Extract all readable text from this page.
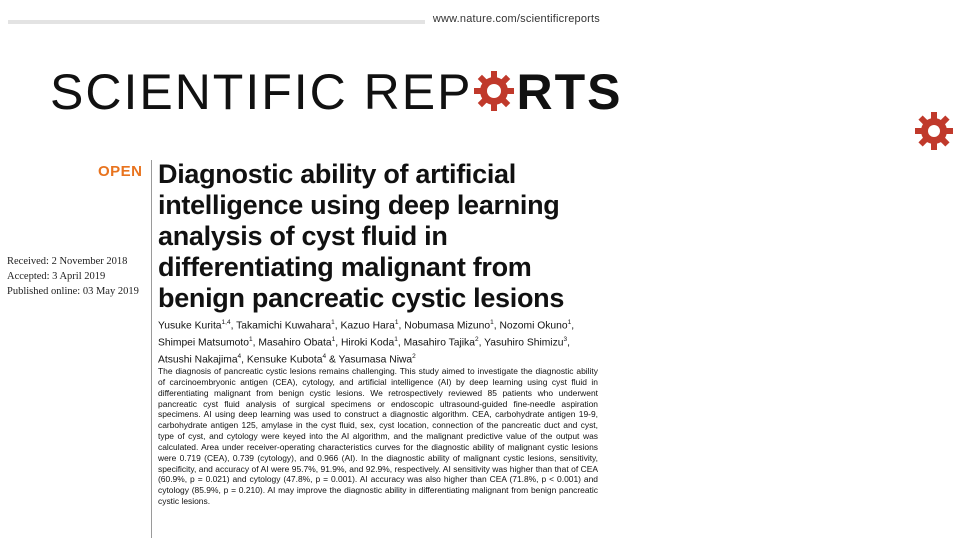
www.nature.com/scientificreports
SCIENTIFIC REP RTS
OPEN Diagnostic ability of artificial intelligence using deep learning analysis of cyst fluid in differentiating malignant from benign pancreatic cystic lesions
Received: 2 November 2018
Accepted: 3 April 2019
Published online: 03 May 2019
Yusuke Kurita$^{1,4}$, Takamichi Kuwahara$^1$, Kazuo Hara$^1$, Nobumasa Mizuno$^1$, Nozomi Okuno$^1$, Shimpei Matsumoto$^1$, Masahiro Obata$^1$, Hiroki Koda$^1$, Masahiro Tajika$^2$, Yasuhiro Shimizu$^3$, Atsushi Nakajima$^4$, Kensuke Kubota$^4$ & Yasumasa Niwa$^2$

The diagnosis of pancreatic cystic lesions remains challenging. This study aimed to investigate the diagnostic ability of carcinoembryonic antigen (CEA), cytology, and artificial intelligence (AI) by deep learning using cyst fluid in differentiating malignant from benign cystic lesions. We retrospectively reviewed 85 patients who underwent pancreatic cyst fluid analysis of surgical specimens or endoscopic ultrasound-guided fine-needle aspiration specimens. AI using deep learning was used to construct a diagnostic algorithm. CEA, carbohydrate antigen 19-9, carbohydrate antigen 125, amylase in the cyst fluid, sex, cyst location, connection of the pancreatic duct and cyst, type of cyst, and cytology were keyed into the AI algorithm, and the malignant predictive value of the output was calculated. Area under receiver-operating characteristics curves for the diagnostic ability of malignant cystic lesions were 0.719 (CEA), 0.739 (cytology), and 0.966 (AI). In the diagnostic ability of malignant cystic lesions, sensitivity, specificity, and accuracy of AI were 95.7%, 91.9%, and 92.9%, respectively. AI sensitivity was higher than that of CEA (60.9%, p = 0.021) and cytology (47.8%, p = 0.001). AI accuracy was also higher than CEA (71.8%, p < 0.001) and cytology (85.9%, p = 0.210). AI may improve the diagnostic ability in differentiating malignant from benign pancreatic cystic lesions.
